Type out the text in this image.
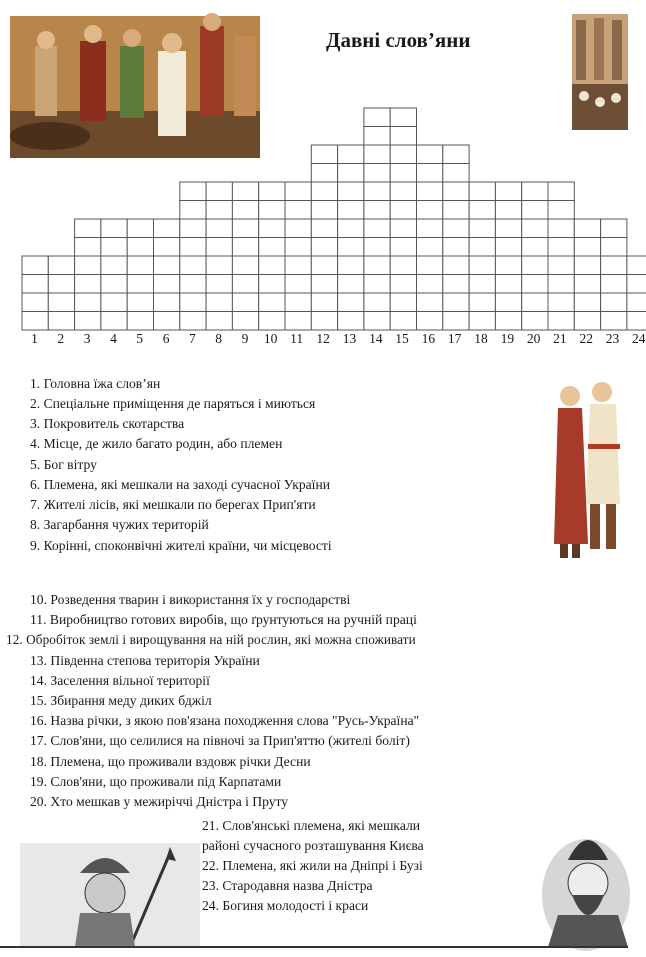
Давні слов’яни
1 2 3 4 5 6 7 8 9 10 11 12 13 14 15 16 17 18 19 20 21 22 23 24
1. Головна їжа слов’ян
2. Спеціальне приміщення де паряться і миються
3. Покровитель скотарства
4. Місце, де жило багато родин, або племен
5. Бог вітру
6. Племена, які мешкали на заході сучасної України
7. Жителі лісів, які мешкали по берегах Прип'яти
8. Загарбання чужих територій
9. Корінні, споконвічні жителі країни, чи місцевості
10. Розведення тварин і використання їх у господарстві
11. Виробництво готових виробів, що ґрунтуються на ручній праці
12. Обробіток землі і вирощування на ній рослин, які можна споживати
13. Південна степова територія України
14. Заселення вільної території
15. Збирання меду диких бджіл
16. Назва річки, з якою пов'язана походження слова "Русь-Україна"
17. Слов'яни, що селилися на півночі за Прип'яттю (жителі боліт)
18. Племена, що проживали вздовж річки Десни
19. Слов'яни, що проживали під Карпатами
20. Хто мешкав у межиріччі Дністра і Пруту
21. Слов'янські племена, які мешкали
районі сучасного розташування Києва
22. Племена, які жили на Дніпрі і Бузі
23. Стародавня назва Дністра
24. Богиня молодості і краси
